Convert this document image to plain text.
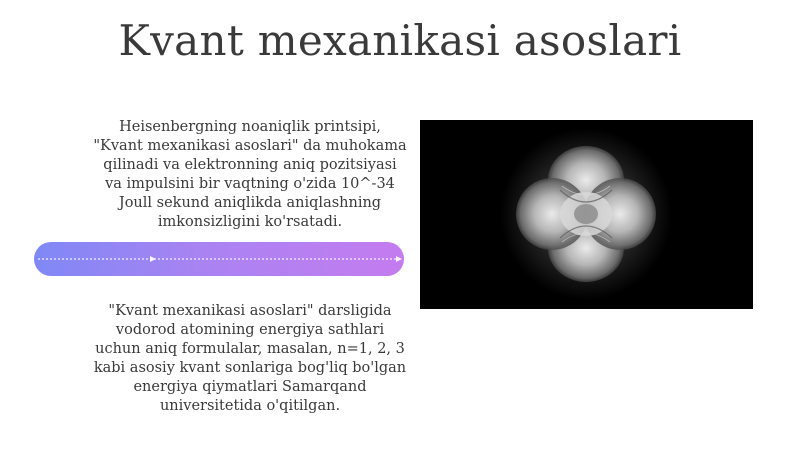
Kvant mexanikasi asoslari
Heisenbergning noaniqlik printsipi,
"Kvant mexanikasi asoslari" da muhokama
qilinadi va elektronning aniq pozitsiyasi
va impulsini bir vaqtning o'zida 10^-34
Joull sekund aniqlikda aniqlashning
imkonsizligini ko'rsatadi.
"Kvant mexanikasi asoslari" darsligida
vodorod atomining energiya sathlari
uchun aniq formulalar, masalan, n=1, 2, 3
kabi asosiy kvant sonlariga bog'liq bo'lgan
energiya qiymatlari Samarqand
universitetida o'qitilgan.
